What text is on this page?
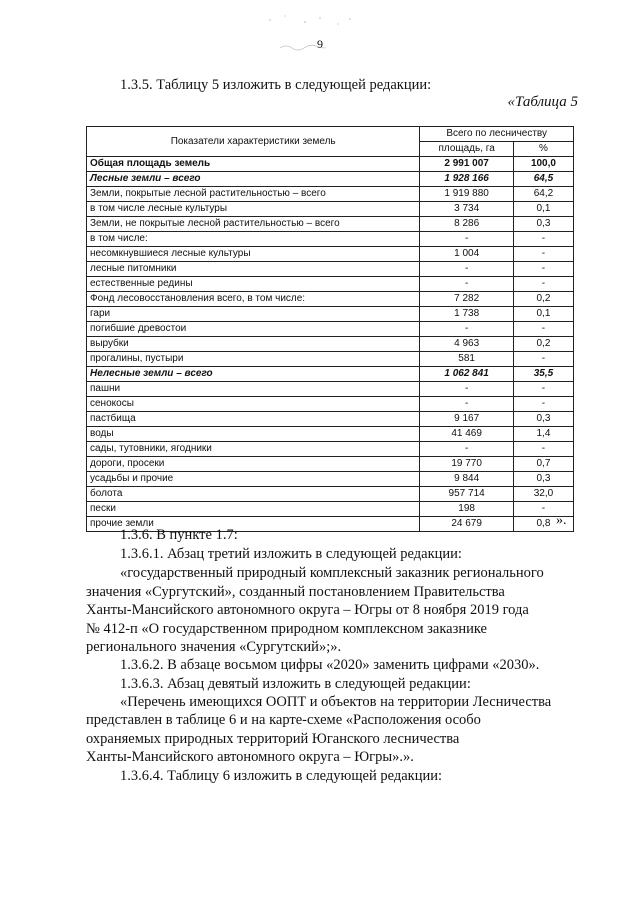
9
1.3.5. Таблицу 5 изложить в следующей редакции:
«Таблица 5
Показатели характеристики земель	Всего по лесничеству	
	площадь, га	%
Общая площадь земель	2 991 007	100,0
Лесные земли – всего	1 928 166	64,5
Земли, покрытые лесной растительностью – всего	1 919 880	64,2
в том числе лесные культуры	3 734	0,1
Земли, не покрытые лесной растительностью – всего	8 286	0,3
в том числе:	-	-
несомкнувшиеся лесные культуры	1 004	-
лесные питомники	-	-
естественные редины	-	-
Фонд лесовосстановления всего, в том числе:	7 282	0,2
гари	1 738	0,1
погибшие древостои	-	-
вырубки	4 963	0,2
прогалины, пустыри	581	-
Нелесные земли – всего	1 062 841	35,5
пашни	-	-
сенокосы	-	-
пастбища	9 167	0,3
воды	41 469	1,4
сады, тутовники, ягодники	-	-
дороги, просеки	19 770	0,7
усадьбы и прочие	9 844	0,3
болота	957 714	32,0
пески	198	-
прочие земли	24 679	0,8 ».
1.3.6. В пункте 1.7:
1.3.6.1. Абзац третий изложить в следующей редакции:
«государственный природный комплексный заказник регионального
значения «Сургутский», созданный постановлением Правительства
Ханты-Мансийского автономного округа – Югры от 8 ноября 2019 года
№ 412-п «О государственном природном комплексном заказнике
регионального значения «Сургутский»;».
1.3.6.2. В абзаце восьмом цифры «2020» заменить цифрами «2030».
1.3.6.3. Абзац девятый изложить в следующей редакции:
«Перечень имеющихся ООПТ и объектов на территории Лесничества
представлен в таблице 6 и на карте-схеме «Расположения особо
охраняемых природных территорий Юганского лесничества
Ханты-Мансийского автономного округа – Югры».».
1.3.6.4. Таблицу 6 изложить в следующей редакции:
